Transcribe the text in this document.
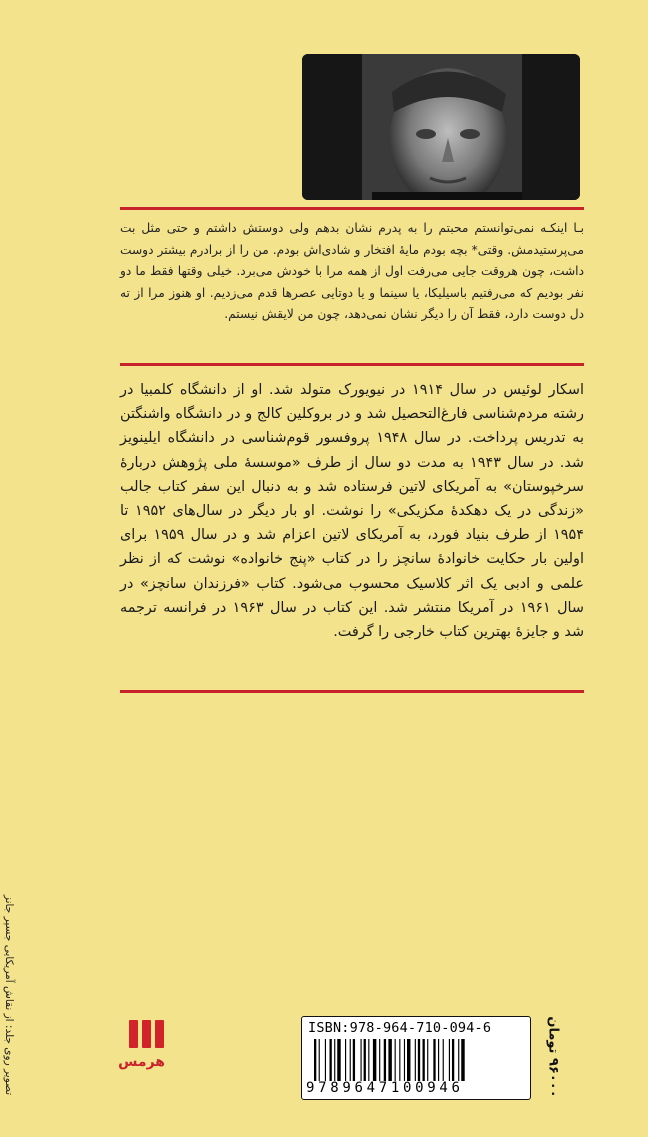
بـا اینکـه نمی‌توانستم محبتم را به پدرم نشان بدهم ولی دوستش داشتم و حتی مثل بت می‌پرستیدمش. وقتی* بچه بودم مایهٔ افتخار و شادی‌اش بودم. من را از برادرم بیشتر دوست داشت، چون هروقت جایی می‌رفت اول از همه مرا با خودش می‌برد. خیلی وقتها فقط ما دو نفر بودیم که می‌رفتیم باسیلیکا، یا سینما و یا دوتایی عصرها قدم می‌زدیم. او هنوز مرا از ته دل دوست دارد، فقط آن را دیگر نشان نمی‌دهد، چون من لایقش نیستم.
اسکار لوئیس در سال ۱۹۱۴ در نیویورک متولد شد. او از دانشگاه کلمبیا در رشته مردم‌شناسی فارغ‌التحصیل شد و در بروکلین کالج و در دانشگاه واشنگتن به تدریس پرداخت. در سال ۱۹۴۸ پروفسور قوم‌شناسی در دانشگاه ایلینویز شد. در سال ۱۹۴۳ به مدت دو سال از طرف «موسسهٔ ملی پژوهش دربارهٔ سرخپوستان» به آمریکای لاتین فرستاده شد و به دنبال این سفر کتاب جالب «زندگی در یک دهکدهٔ مکزیکی» را نوشت. او بار دیگر در سال‌های ۱۹۵۲ تا ۱۹۵۴ از طرف بنیاد فورد، به آمریکای لاتین اعزام شد و در سال ۱۹۵۹ برای اولین بار حکایت خانوادهٔ سانچز را در کتاب «پنج خانواده» نوشت که از نظر علمی و ادبی یک اثر کلاسیک محسوب می‌شود. کتاب «فرزندان سانچز» در سال ۱۹۶۱ در آمریکا منتشر شد. این کتاب در سال ۱۹۶۳ در فرانسه ترجمه شد و جایزهٔ بهترین کتاب خارجی را گرفت.
تصویر روی جلد: از نقاش آمریکایی جسپر جانز	هرمس
ISBN:978-964-710-094-6
9789647100946
۹۶۰۰۰ تومان
